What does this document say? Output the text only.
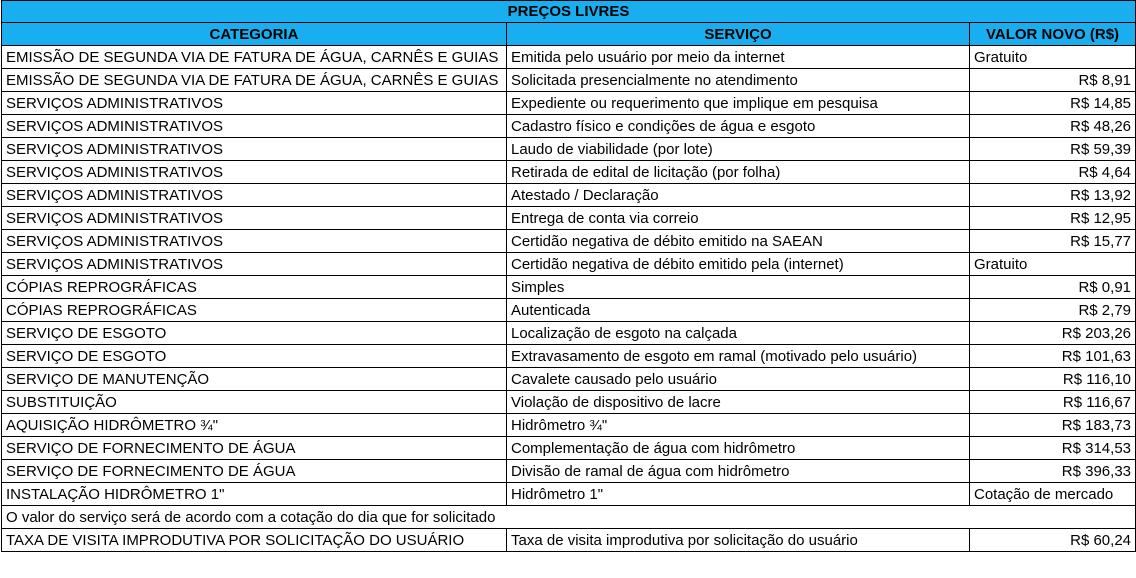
PREÇOS LIVRES		
CATEGORIA	SERVIÇO	VALOR NOVO (R$)
EMISSÃO DE SEGUNDA VIA DE FATURA DE ÁGUA, CARNÊS E GUIAS	Emitida pelo usuário por meio da internet	Gratuito
EMISSÃO DE SEGUNDA VIA DE FATURA DE ÁGUA, CARNÊS E GUIAS	Solicitada presencialmente no atendimento	R$ 8,91
SERVIÇOS ADMINISTRATIVOS	Expediente ou requerimento que implique em pesquisa	R$ 14,85
SERVIÇOS ADMINISTRATIVOS	Cadastro físico e condições de água e esgoto	R$ 48,26
SERVIÇOS ADMINISTRATIVOS	Laudo de viabilidade (por lote)	R$ 59,39
SERVIÇOS ADMINISTRATIVOS	Retirada de edital de licitação (por folha)	R$ 4,64
SERVIÇOS ADMINISTRATIVOS	Atestado / Declaração	R$ 13,92
SERVIÇOS ADMINISTRATIVOS	Entrega de conta via correio	R$ 12,95
SERVIÇOS ADMINISTRATIVOS	Certidão negativa de débito emitido na SAEAN	R$ 15,77
SERVIÇOS ADMINISTRATIVOS	Certidão negativa de débito emitido pela (internet)	Gratuito
CÓPIAS REPROGRÁFICAS	Simples	R$ 0,91
CÓPIAS REPROGRÁFICAS	Autenticada	R$ 2,79
SERVIÇO DE ESGOTO	Localização de esgoto na calçada	R$ 203,26
SERVIÇO DE ESGOTO	Extravasamento de esgoto em ramal (motivado pelo usuário)	R$ 101,63
SERVIÇO DE MANUTENÇÃO	Cavalete causado pelo usuário	R$ 116,10
SUBSTITUIÇÃO	Violação de dispositivo de lacre	R$ 116,67
AQUISIÇÃO HIDRÔMETRO ¾"	Hidrômetro ¾"	R$ 183,73
SERVIÇO DE FORNECIMENTO DE ÁGUA	Complementação de água com hidrômetro	R$ 314,53
SERVIÇO DE FORNECIMENTO DE ÁGUA	Divisão de ramal de água com hidrômetro	R$ 396,33
INSTALAÇÃO HIDRÔMETRO 1"	Hidrômetro 1"	Cotação de mercado
O valor do serviço será de acordo com a cotação do dia que for solicitado		
TAXA DE VISITA IMPRODUTIVA POR SOLICITAÇÃO DO USUÁRIO	Taxa de visita improdutiva por solicitação do usuário	R$ 60,24
